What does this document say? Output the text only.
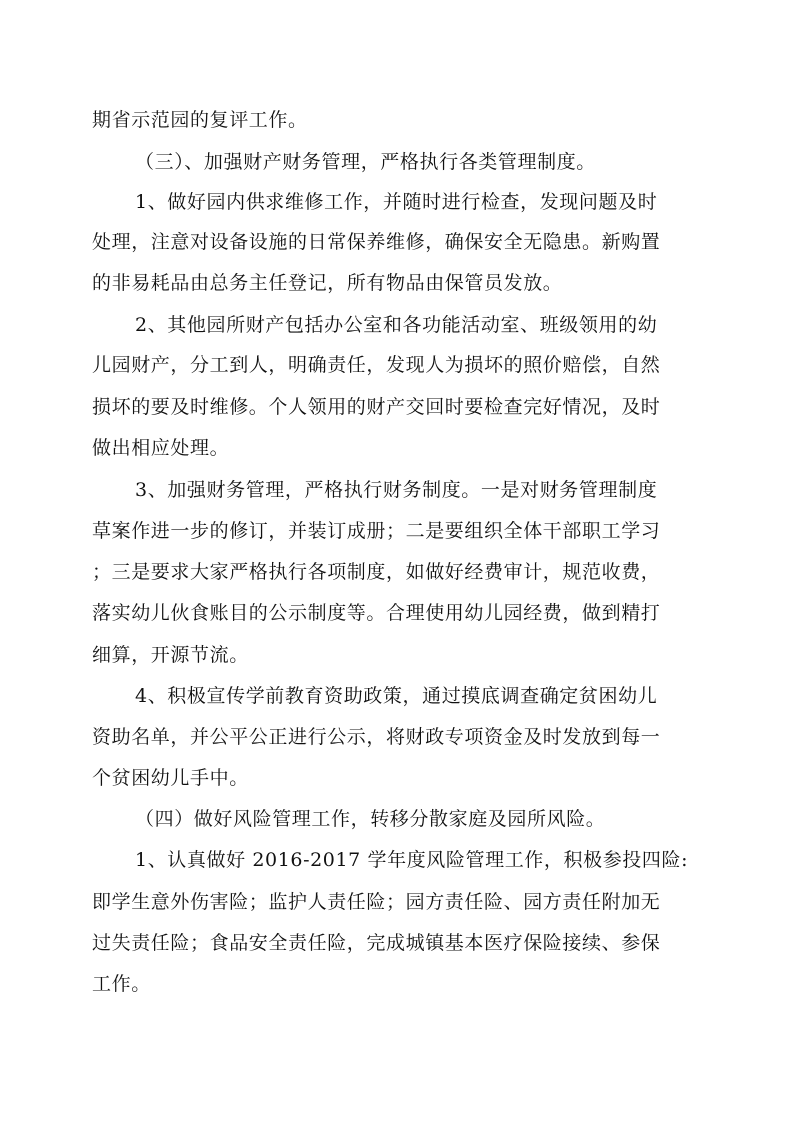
期省示范园的复评工作。
（三）、加强财产财务管理，严格执行各类管理制度。
1、做好园内供求维修工作，并随时进行检查，发现问题及时
处理，注意对设备设施的日常保养维修，确保安全无隐患。新购置
的非易耗品由总务主任登记，所有物品由保管员发放。
2、其他园所财产包括办公室和各功能活动室、班级领用的幼
儿园财产，分工到人，明确责任，发现人为损坏的照价赔偿，自然
损坏的要及时维修。个人领用的财产交回时要检查完好情况，及时
做出相应处理。
3、加强财务管理，严格执行财务制度。一是对财务管理制度
草案作进一步的修订，并装订成册；二是要组织全体干部职工学习
；三是要求大家严格执行各项制度，如做好经费审计，规范收费，
落实幼儿伙食账目的公示制度等。合理使用幼儿园经费，做到精打
细算，开源节流。
4、积极宣传学前教育资助政策，通过摸底调查确定贫困幼儿
资助名单，并公平公正进行公示，将财政专项资金及时发放到每一
个贫困幼儿手中。
（四）做好风险管理工作，转移分散家庭及园所风险。
1、认真做好 2016-2017 学年度风险管理工作，积极参投四险:
即学生意外伤害险；监护人责任险；园方责任险、园方责任附加无
过失责任险；食品安全责任险，完成城镇基本医疗保险接续、参保
工作。
